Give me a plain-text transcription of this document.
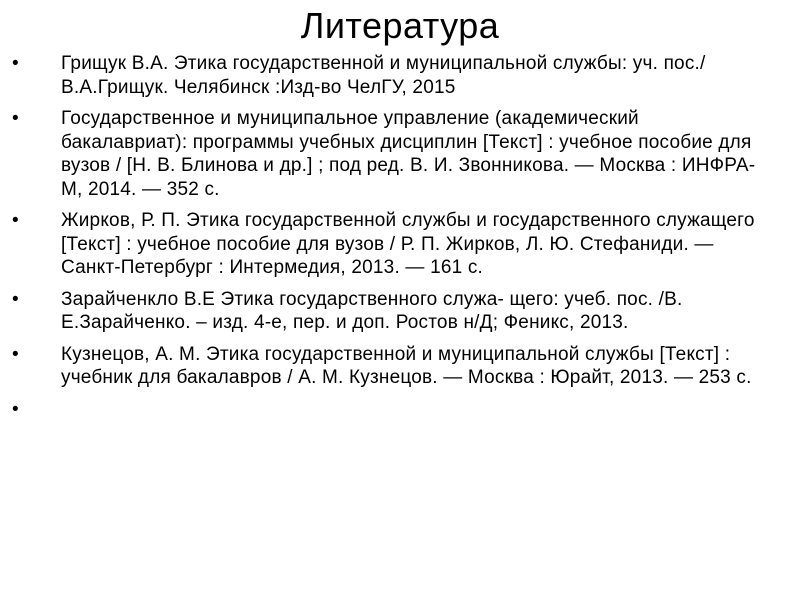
Литература
• Грищук В.А. Этика государственной и муниципальной службы: уч. пос./В.А.Грищук. Челябинск :Изд-во ЧелГУ, 2015
• Государственное и муниципальное управление (академический бакалавриат): программы учебных дисциплин [Текст] : учебное пособие для вузов / [Н. В. Блинова и др.] ; под ред. В. И. Звонникова. — Москва : ИНФРА-М, 2014. — 352 с.
• Жирков, Р. П. Этика государственной службы и государственного служащего [Текст] : учебное пособие для вузов / Р. П. Жирков, Л. Ю. Стефаниди. — Санкт-Петербург : Интермедия, 2013. — 161 с.
• Зарайченкло В.Е Этика государственного служа- щего: учеб. пос. /В. Е.Зарайченко. – изд. 4-е, пер. и доп. Ростов н/Д; Феникс, 2013.
• Кузнецов, А. М. Этика государственной и муниципальной службы [Текст] : учебник для бакалавров / А. М. Кузнецов. — Москва : Юрайт, 2013. — 253 с.
•
